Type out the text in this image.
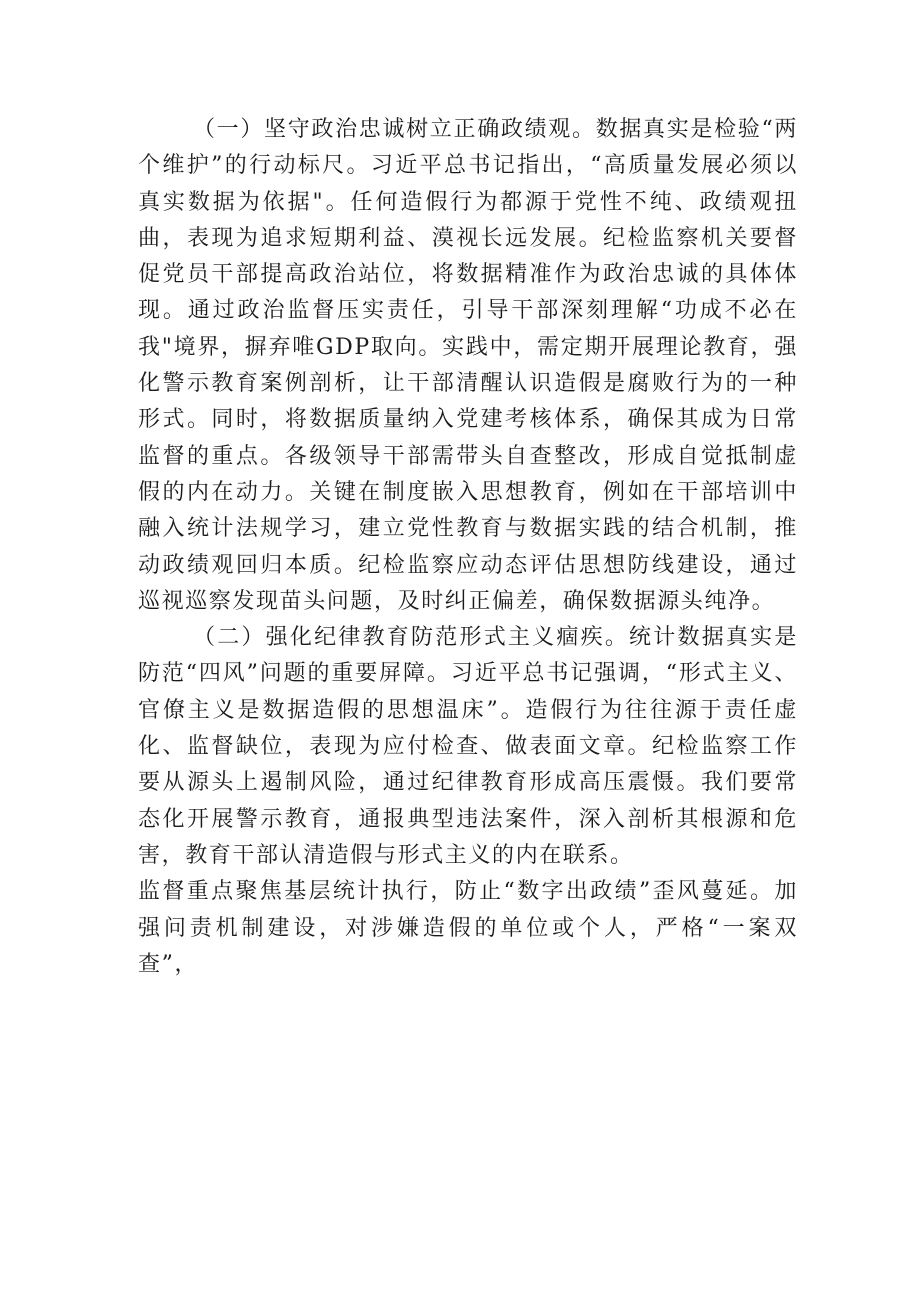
（一）坚守政治忠诚树立正确政绩观。数据真实是检验“两个维护”的行动标尺。习近平总书记指出，“高质量发展必须以真实数据为依据"。任何造假行为都源于党性不纯、政绩观扭曲，表现为追求短期利益、漠视长远发展。纪检监察机关要督促党员干部提高政治站位，将数据精准作为政治忠诚的具体体现。通过政治监督压实责任，引导干部深刻理解“功成不必在我"境界，摒弃唯GDP取向。实践中，需定期开展理论教育，强化警示教育案例剖析，让干部清醒认识造假是腐败行为的一种形式。同时，将数据质量纳入党建考核体系，确保其成为日常监督的重点。各级领导干部需带头自查整改，形成自觉抵制虚假的内在动力。关键在制度嵌入思想教育，例如在干部培训中融入统计法规学习，建立党性教育与数据实践的结合机制，推动政绩观回归本质。纪检监察应动态评估思想防线建设，通过巡视巡察发现苗头问题，及时纠正偏差，确保数据源头纯净。

（二）强化纪律教育防范形式主义痼疾。统计数据真实是防范“四风”问题的重要屏障。习近平总书记强调，“形式主义、官僚主义是数据造假的思想温床”。造假行为往往源于责任虚化、监督缺位，表现为应付检查、做表面文章。纪检监察工作要从源头上遏制风险，通过纪律教育形成高压震慑。我们要常态化开展警示教育，通报典型违法案件，深入剖析其根源和危害，教育干部认清造假与形式主义的内在联系。

监督重点聚焦基层统计执行，防止“数字出政绩”歪风蔓延。加强问责机制建设，对涉嫌造假的单位或个人，严格“一案双查”，
